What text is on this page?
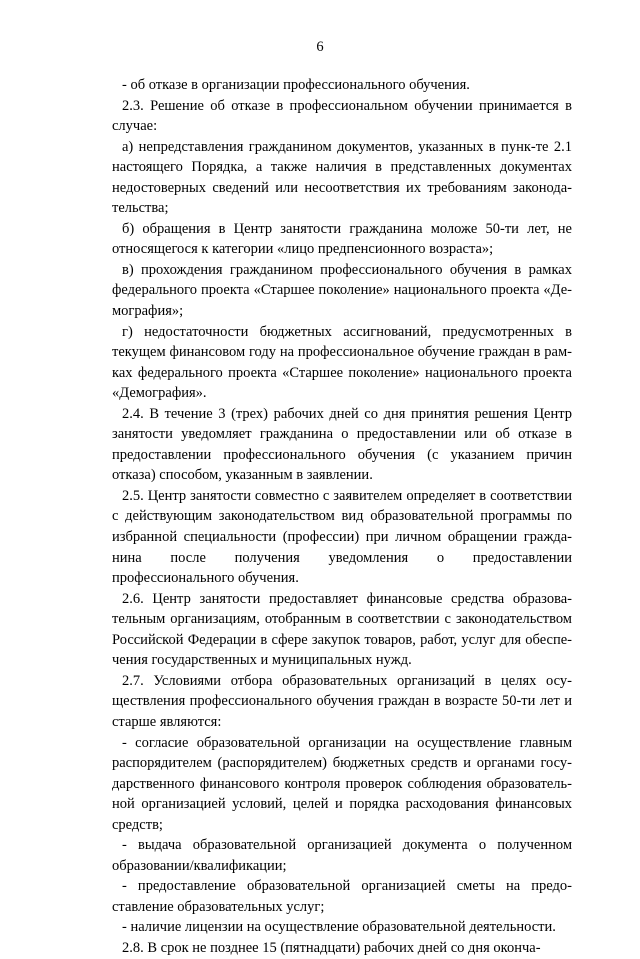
6

- об отказе в организации профессионального обучения.

2.3. Решение об отказе в профессиональном обучении принимается в случае:

а) непредставления гражданином документов, указанных в пунк-те 2.1 настоящего Порядка, а также наличия в представленных документах недостоверных сведений или несоответствия их требованиям законодательства;

б) обращения в Центр занятости гражданина моложе 50-ти лет, не относящегося к категории «лицо предпенсионного возраста»;

в) прохождения гражданином профессионального обучения в рамках федерального проекта «Старшее поколение» национального проекта «Демография»;

г) недостаточности бюджетных ассигнований, предусмотренных в текущем финансовом году на профессиональное обучение граждан в рамках федерального проекта «Старшее поколение» национального проекта «Демография».

2.4. В течение 3 (трех) рабочих дней со дня принятия решения Центр занятости уведомляет гражданина о предоставлении или об отказе в предоставлении профессионального обучения (с указанием причин отказа) способом, указанным в заявлении.

2.5. Центр занятости совместно с заявителем определяет в соответствии с действующим законодательством вид образовательной программы по избранной специальности (профессии) при личном обращении гражданина после получения уведомления о предоставлении профессионального обучения.

2.6. Центр занятости предоставляет финансовые средства образовательным организациям, отобранным в соответствии с законодательством Российской Федерации в сфере закупок товаров, работ, услуг для обеспечения государственных и муниципальных нужд.

2.7. Условиями отбора образовательных организаций в целях осуществления профессионального обучения граждан в возрасте 50-ти лет и старше являются:

- согласие образовательной организации на осуществление главным распорядителем (распорядителем) бюджетных средств и органами государственного финансового контроля проверок соблюдения образовательной организацией условий, целей и порядка расходования финансовых средств;

- выдача образовательной организацией документа о полученном образовании/квалификации;

- предоставление образовательной организацией сметы на предоставление образовательных услуг;

- наличие лицензии на осуществление образовательной деятельности.

2.8. В срок не позднее 15 (пятнадцати) рабочих дней со дня оконча-
